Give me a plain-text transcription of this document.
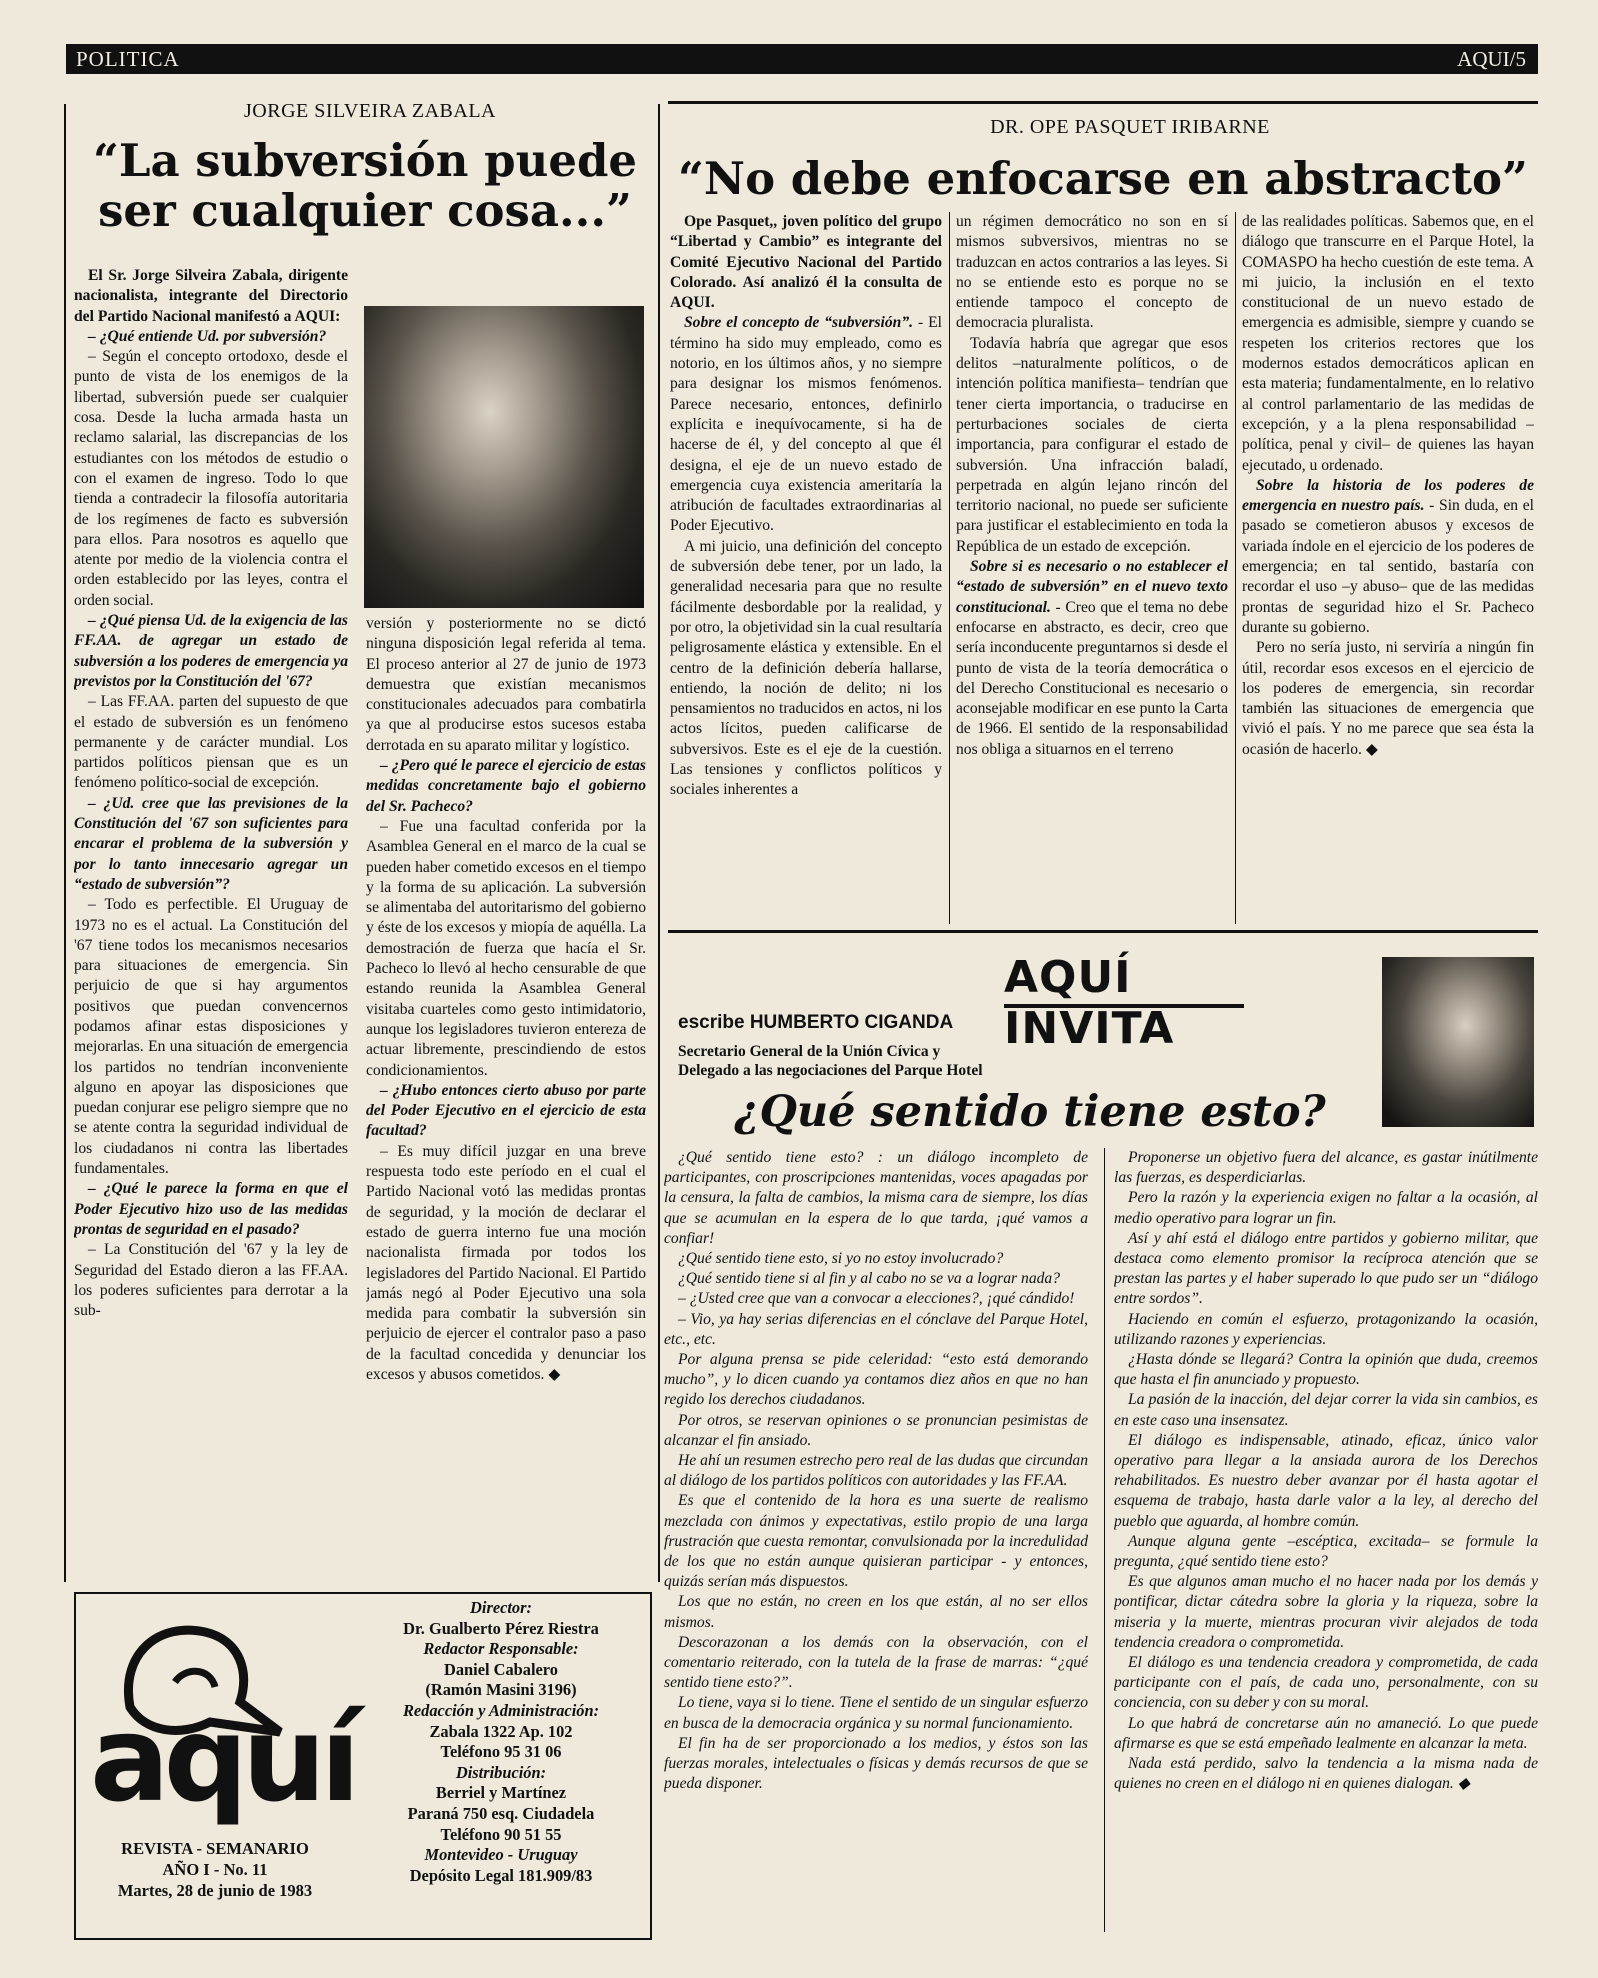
POLITICA	AQUI/5
JORGE SILVEIRA ZABALA
“La subversión puede
ser cualquier cosa...”

El Sr. Jorge Silveira Zabala, dirigente nacionalista, integrante del Directorio del Partido Nacional manifestó a AQUI:

– ¿Qué entiende Ud. por subversión?

– Según el concepto ortodoxo, desde el punto de vista de los enemigos de la libertad, subversión puede ser cualquier cosa. Desde la lucha armada hasta un reclamo salarial, las discrepancias de los estudiantes con los métodos de estudio o con el examen de ingreso. Todo lo que tienda a contradecir la filosofía autoritaria de los regímenes de facto es subversión para ellos. Para nosotros es aquello que atente por medio de la violencia contra el orden establecido por las leyes, contra el orden social.

– ¿Qué piensa Ud. de la exigencia de las FF.AA. de agregar un estado de subversión a los poderes de emergencia ya previstos por la Constitución del '67?

– Las FF.AA. parten del supuesto de que el estado de subversión es un fenómeno permanente y de carácter mundial. Los partidos políticos piensan que es un fenómeno político-social de excepción.

– ¿Ud. cree que las previsiones de la Constitución del '67 son suficientes para encarar el problema de la subversión y por lo tanto innecesario agregar un “estado de subversión”?

– Todo es perfectible. El Uruguay de 1973 no es el actual. La Constitución del '67 tiene todos los mecanismos necesarios para situaciones de emergencia. Sin perjuicio de que si hay argumentos positivos que puedan convencernos podamos afinar estas disposiciones y mejorarlas. En una situación de emergencia los partidos no tendrían inconveniente alguno en apoyar las disposiciones que puedan conjurar ese peligro siempre que no se atente contra la seguridad individual de los ciudadanos ni contra las libertades fundamentales.

– ¿Qué le parece la forma en que el Poder Ejecutivo hizo uso de las medidas prontas de seguridad en el pasado?

– La Constitución del '67 y la ley de Seguridad del Estado dieron a las FF.AA. los poderes suficientes para derrotar a la sub-

versión y posteriormente no se dictó ninguna disposición legal referida al tema. El proceso anterior al 27 de junio de 1973 demuestra que existían mecanismos constitucionales adecuados para combatirla ya que al producirse estos sucesos estaba derrotada en su aparato militar y logístico.

– ¿Pero qué le parece el ejercicio de estas medidas concretamente bajo el gobierno del Sr. Pacheco?

– Fue una facultad conferida por la Asamblea General en el marco de la cual se pueden haber cometido excesos en el tiempo y la forma de su aplicación. La subversión se alimentaba del autoritarismo del gobierno y éste de los excesos y miopía de aquélla. La demostración de fuerza que hacía el Sr. Pacheco lo llevó al hecho censurable de que estando reunida la Asamblea General visitaba cuarteles como gesto intimidatorio, aunque los legisladores tuvieron entereza de actuar libremente, prescindiendo de estos condicionamientos.

– ¿Hubo entonces cierto abuso por parte del Poder Ejecutivo en el ejercicio de esta facultad?

– Es muy difícil juzgar en una breve respuesta todo este período en el cual el Partido Nacional votó las medidas prontas de seguridad, y la moción de declarar el estado de guerra interno fue una moción nacionalista firmada por todos los legisladores del Partido Nacional. El Partido jamás negó al Poder Ejecutivo una sola medida para combatir la subversión sin perjuicio de ejercer el contralor paso a paso de la facultad concedida y denunciar los excesos y abusos cometidos. ◆

DR. OPE PASQUET IRIBARNE
“No debe enfocarse en abstracto”

Ope Pasquet,, joven político del grupo “Libertad y Cambio” es integrante del Comité Ejecutivo Nacional del Partido Colorado. Así analizó él la consulta de AQUI.

Sobre el concepto de “subversión”. - El término ha sido muy empleado, como es notorio, en los últimos años, y no siempre para designar los mismos fenómenos. Parece necesario, entonces, definirlo explícita e inequívocamente, si ha de hacerse de él, y del concepto al que él designa, el eje de un nuevo estado de emergencia cuya existencia ameritaría la atribución de facultades extraordinarias al Poder Ejecutivo.

A mi juicio, una definición del concepto de subversión debe tener, por un lado, la generalidad necesaria para que no resulte fácilmente desbordable por la realidad, y por otro, la objetividad sin la cual resultaría peligrosamente elástica y extensible. En el centro de la definición debería hallarse, entiendo, la noción de delito; ni los pensamientos no traducidos en actos, ni los actos lícitos, pueden calificarse de subversivos. Este es el eje de la cuestión. Las tensiones y conflictos políticos y sociales inherentes a

un régimen democrático no son en sí mismos subversivos, mientras no se traduzcan en actos contrarios a las leyes. Si no se entiende esto es porque no se entiende tampoco el concepto de democracia pluralista.

Todavía habría que agregar que esos delitos –naturalmente políticos, o de intención política manifiesta– tendrían que tener cierta importancia, o traducirse en perturbaciones sociales de cierta importancia, para configurar el estado de subversión. Una infracción baladí, perpetrada en algún lejano rincón del territorio nacional, no puede ser suficiente para justificar el establecimiento en toda la República de un estado de excepción.

Sobre si es necesario o no establecer el “estado de subversión” en el nuevo texto constitucional. - Creo que el tema no debe enfocarse en abstracto, es decir, creo que sería inconducente preguntarnos si desde el punto de vista de la teoría democrática o del Derecho Constitucional es necesario o aconsejable modificar en ese punto la Carta de 1966. El sentido de la responsabilidad nos obliga a situarnos en el terreno

de las realidades políticas. Sabemos que, en el diálogo que transcurre en el Parque Hotel, la COMASPO ha hecho cuestión de este tema. A mi juicio, la inclusión en el texto constitucional de un nuevo estado de emergencia es admisible, siempre y cuando se respeten los criterios rectores que los modernos estados democráticos aplican en esta materia; fundamentalmente, en lo relativo al control parlamentario de las medidas de excepción, y a la plena responsabilidad –política, penal y civil– de quienes las hayan ejecutado, u ordenado.

Sobre la historia de los poderes de emergencia en nuestro país. - Sin duda, en el pasado se cometieron abusos y excesos de variada índole en el ejercicio de los poderes de emergencia; en tal sentido, bastaría con recordar el uso –y abuso– que de las medidas prontas de seguridad hizo el Sr. Pacheco durante su gobierno.

Pero no sería justo, ni serviría a ningún fin útil, recordar esos excesos en el ejercicio de los poderes de emergencia, sin recordar también las situaciones de emergencia que vivió el país. Y no me parece que sea ésta la ocasión de hacerlo. ◆

AQUÍ INVITA
escribe HUMBERTO CIGANDA
Secretario General de la Unión Cívica y
Delegado a las negociaciones del Parque Hotel
¿Qué sentido tiene esto?

¿Qué sentido tiene esto? : un diálogo incompleto de participantes, con proscripciones mantenidas, voces apagadas por la censura, la falta de cambios, la misma cara de siempre, los días que se acumulan en la espera de lo que tarda, ¡qué vamos a confiar!

¿Qué sentido tiene esto, si yo no estoy involucrado?

¿Qué sentido tiene si al fin y al cabo no se va a lograr nada?

– ¿Usted cree que van a convocar a elecciones?, ¡qué cándido!

– Vio, ya hay serias diferencias en el cónclave del Parque Hotel, etc., etc.

Por alguna prensa se pide celeridad: “esto está demorando mucho”, y lo dicen cuando ya contamos diez años en que no han regido los derechos ciudadanos.

Por otros, se reservan opiniones o se pronuncian pesimistas de alcanzar el fin ansiado.

He ahí un resumen estrecho pero real de las dudas que circundan al diálogo de los partidos políticos con autoridades y las FF.AA.

Es que el contenido de la hora es una suerte de realismo mezclada con ánimos y expectativas, estilo propio de una larga frustración que cuesta remontar, convulsionada por la incredulidad de los que no están aunque quisieran participar - y entonces, quizás serían más dispuestos.

Los que no están, no creen en los que están, al no ser ellos mismos.

Descorazonan a los demás con la observación, con el comentario reiterado, con la tutela de la frase de marras: “¿qué sentido tiene esto?”.

Lo tiene, vaya si lo tiene. Tiene el sentido de un singular esfuerzo en busca de la democracia orgánica y su normal funcionamiento.

El fin ha de ser proporcionado a los medios, y éstos son las fuerzas morales, intelectuales o físicas y demás recursos de que se pueda disponer.

Proponerse un objetivo fuera del alcance, es gastar inútilmente las fuerzas, es desperdiciarlas.

Pero la razón y la experiencia exigen no faltar a la ocasión, al medio operativo para lograr un fin.

Así y ahí está el diálogo entre partidos y gobierno militar, que destaca como elemento promisor la recíproca atención que se prestan las partes y el haber superado lo que pudo ser un “diálogo entre sordos”.

Haciendo en común el esfuerzo, protagonizando la ocasión, utilizando razones y experiencias.

¿Hasta dónde se llegará? Contra la opinión que duda, creemos que hasta el fin anunciado y propuesto.

La pasión de la inacción, del dejar correr la vida sin cambios, es en este caso una insensatez.

El diálogo es indispensable, atinado, eficaz, único valor operativo para llegar a la ansiada aurora de los Derechos rehabilitados. Es nuestro deber avanzar por él hasta agotar el esquema de trabajo, hasta darle valor a la ley, al derecho del pueblo que aguarda, al hombre común.

Aunque alguna gente –escéptica, excitada– se formule la pregunta, ¿qué sentido tiene esto?

Es que algunos aman mucho el no hacer nada por los demás y pontificar, dictar cátedra sobre la gloria y la riqueza, sobre la miseria y la muerte, mientras procuran vivir alejados de toda tendencia creadora o comprometida.

El diálogo es una tendencia creadora y comprometida, de cada participante con el país, de cada uno, personalmente, con su conciencia, con su deber y con su moral.

Lo que habrá de concretarse aún no amaneció. Lo que puede afirmarse es que se está empeñado lealmente en alcanzar la meta.

Nada está perdido, salvo la tendencia a la misma nada de quienes no creen en el diálogo ni en quienes dialogan. ◆

aquí
REVISTA - SEMANARIO
AÑO I - No. 11
Martes, 28 de junio de 1983
Director:
Dr. Gualberto Pérez Riestra
Redactor Responsable:
Daniel Cabalero
(Ramón Masini 3196)
Redacción y Administración:
Zabala 1322 Ap. 102
Teléfono 95 31 06
Distribución:
Berriel y Martínez
Paraná 750 esq. Ciudadela
Teléfono 90 51 55
Montevideo - Uruguay
Depósito Legal 181.909/83
